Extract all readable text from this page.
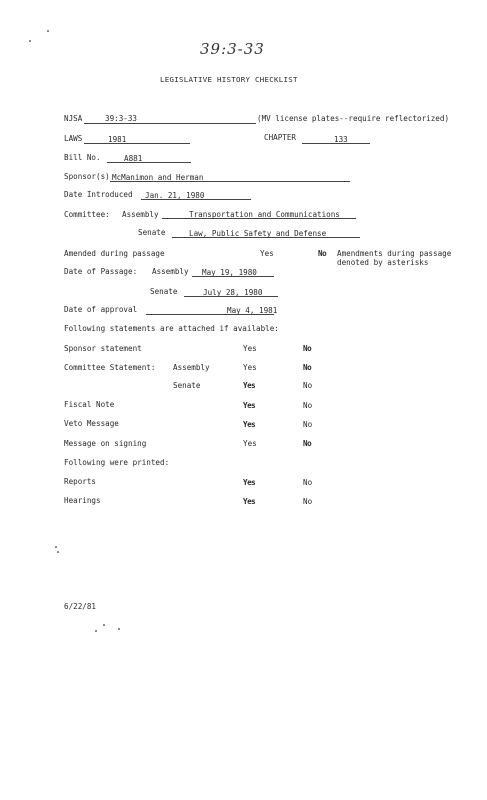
39:3-33
LEGISLATIVE HISTORY CHECKLIST
NJSA	39:3-33	(MV license plates--require reflectorized)
LAWS	1981	CHAPTER	133
Bill No.	A881
Sponsor(s) McManimon and Herman
Date Introduced Jan. 21, 1980
Committee: Assembly	Transportation and Communications
Senate	Law, Public Safety and Defense
Amended during passage	Yes	No Amendments during passage
denoted by asterisks
Date of Passage: Assembly May 19, 1980
Senate	July 28, 1980
Date of approval	May 4, 1981
Following statements are attached if available:
Sponsor statement	Yes	No
Committee Statement: Assembly	Yes	No
Senate	Yes	No
Fiscal Note	Yes	No
Veto Message	Yes	No
Message on signing	Yes	No
Following were printed:
Reports	Yes	No
Hearings	Yes	No
6/22/81
